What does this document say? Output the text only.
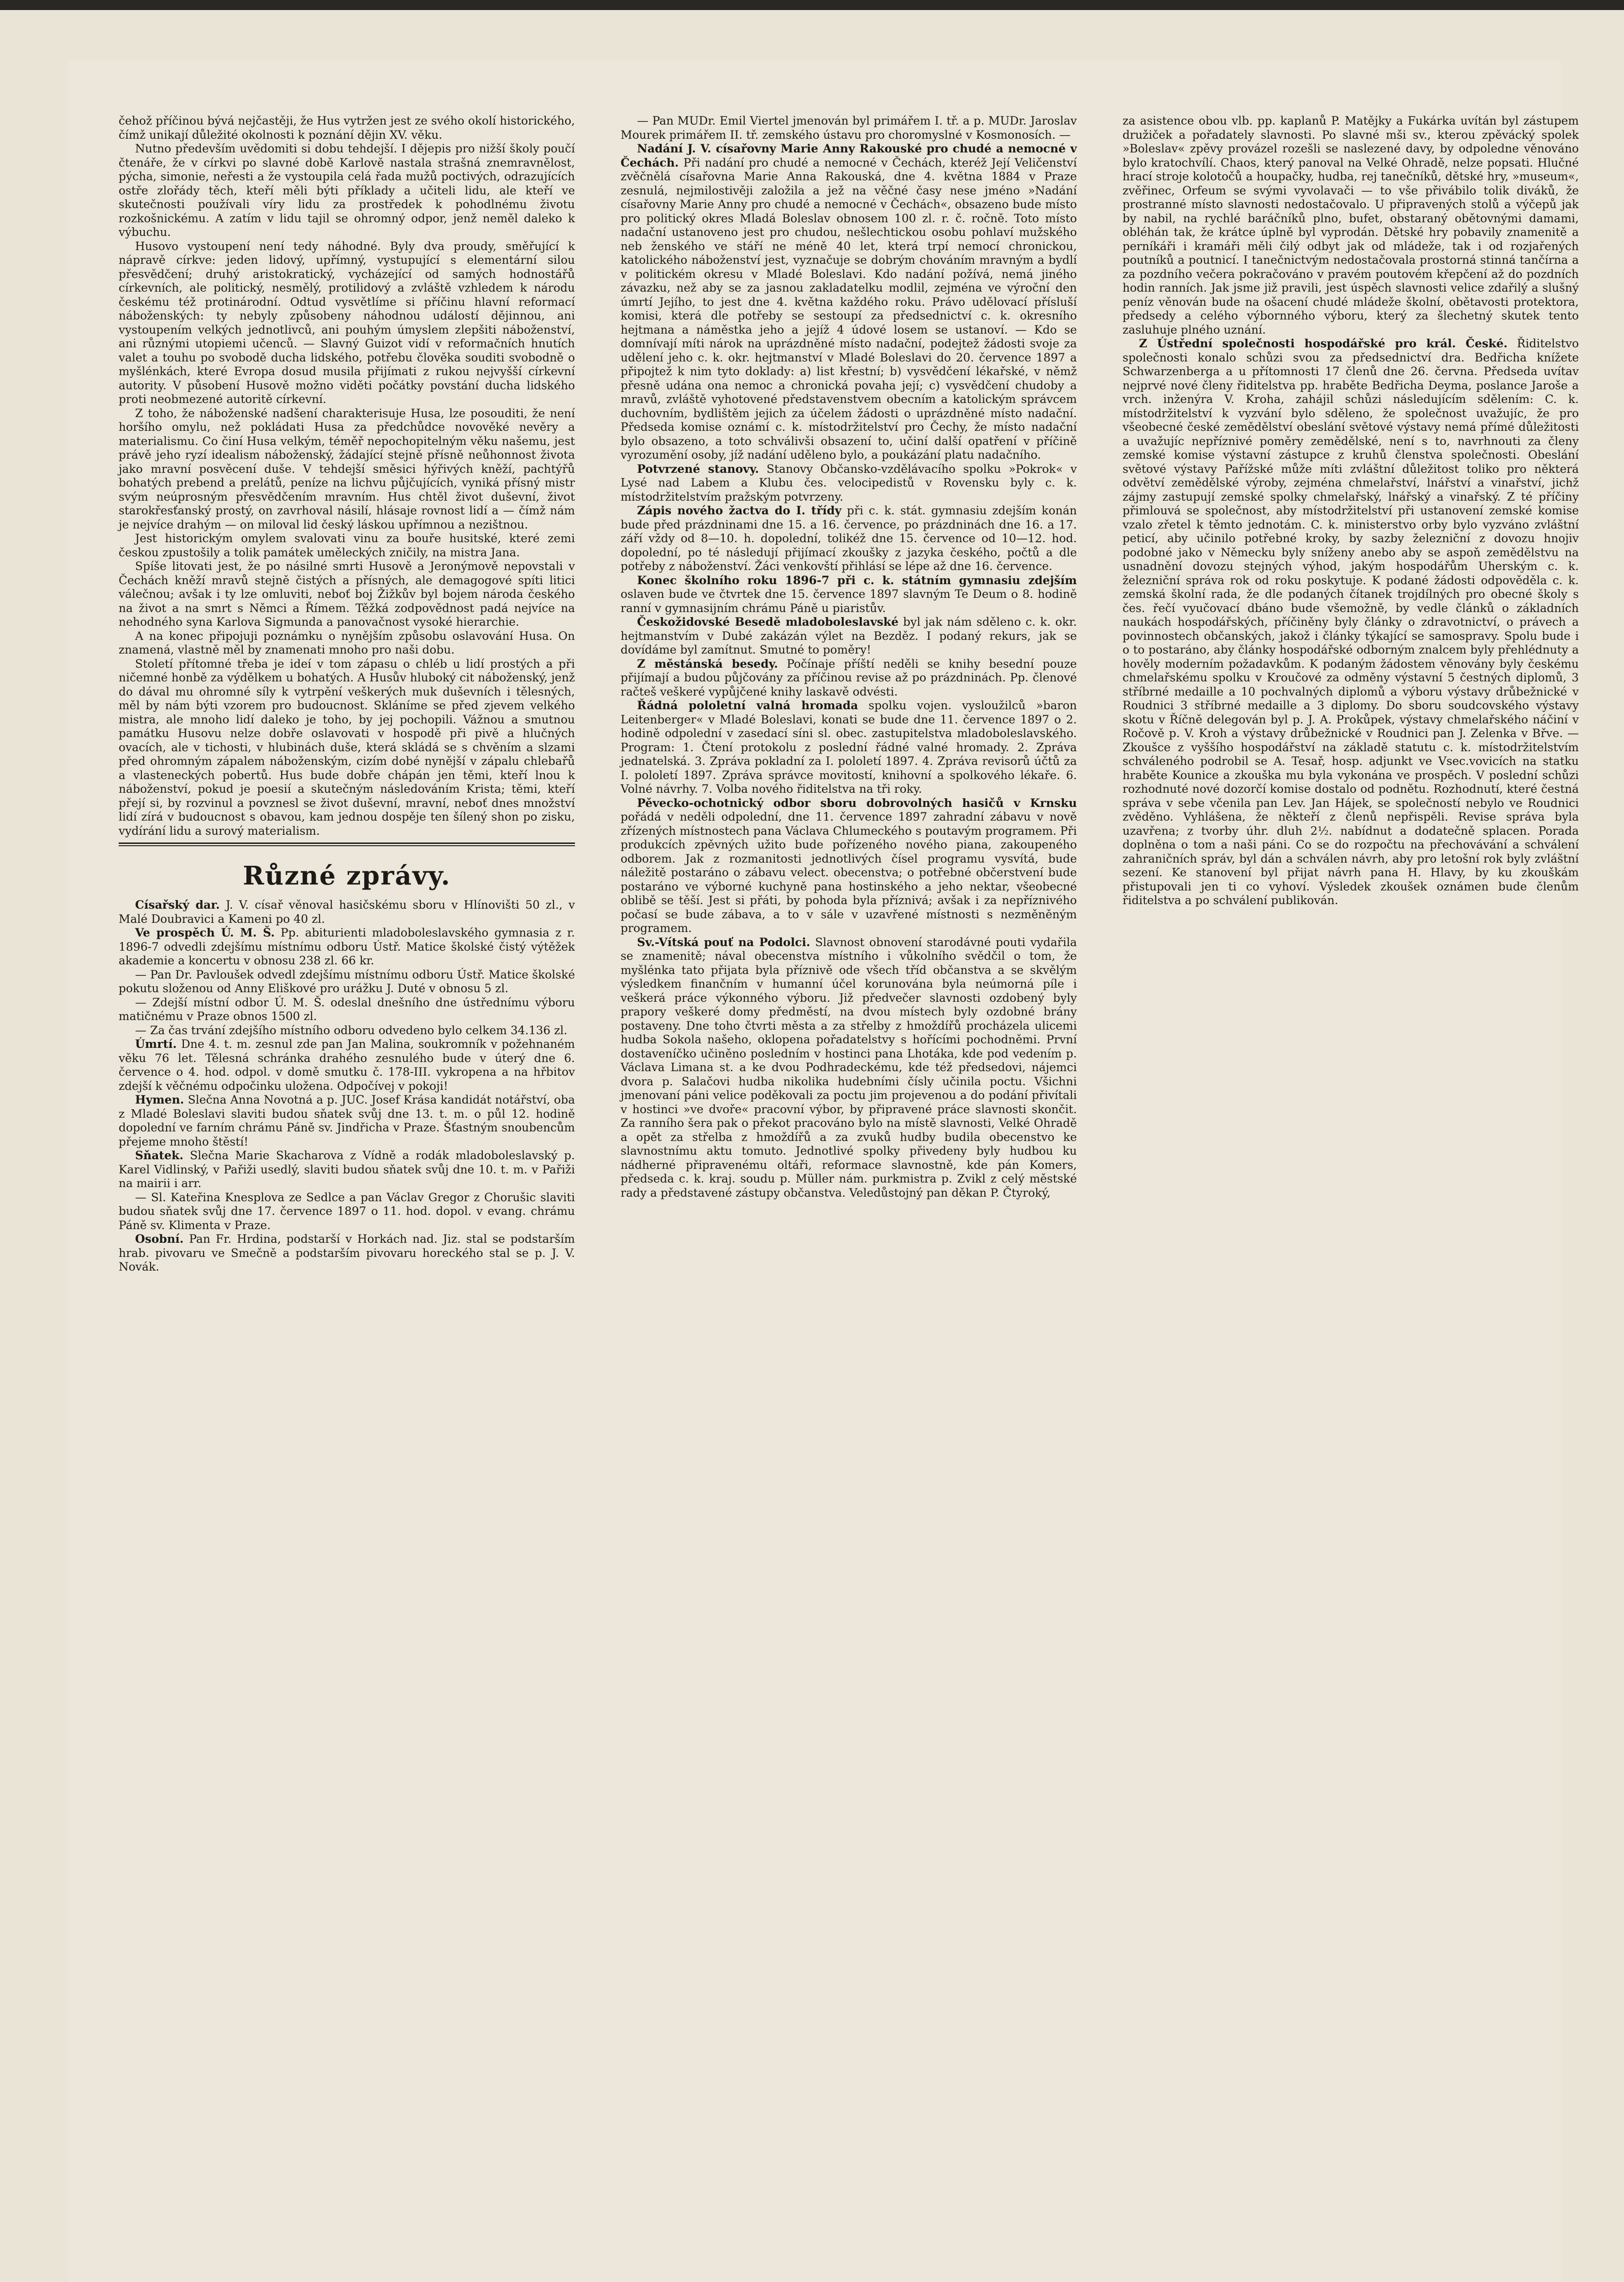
čehož příčinou bývá nejčastěji, že Hus vytržen jest ze svého okolí historického, čímž unikají důležité okolnosti k poznání dějin XV. věku.

Nutno především uvědomiti si dobu tehdejší. I dějepis pro nižší školy poučí čtenáře, že v církvi po slavné době Karlově nastala strašná znemravnělost, pýcha, simonie, neřesti a že vystoupila celá řada mužů poctivých, odrazujících ostře zlořády těch, kteří měli býti příklady a učiteli lidu, ale kteří ve skutečnosti používali víry lidu za prostředek k pohodlnému životu rozkošnickému. A zatím v lidu tajil se ohromný odpor, jenž neměl daleko k výbuchu.

Husovo vystoupení není tedy náhodné. Byly dva proudy, směřující k nápravě církve: jeden lidový, upřímný, vystupující s elementární silou přesvědčení; druhý aristokratický, vycházející od samých hodnostářů církevních, ale politický, nesmělý, protilidový a zvláště vzhledem k národu českému též protinárodní. Odtud vysvětlíme si příčinu hlavní reformací náboženských: ty nebyly způsobeny náhodnou událostí dějinnou, ani vystoupením velkých jednotlivců, ani pouhým úmyslem zlepšiti náboženství, ani různými utopiemi učenců. — Slavný Guizot vidí v reformačních hnutích valet a touhu po svobodě ducha lidského, potřebu člověka souditi svobodně o myšlénkách, které Evropa dosud musila přijímati z rukou nejvyšší církevní autority. V působení Husově možno viděti počátky povstání ducha lidského proti neobmezené autoritě církevní.

Z toho, že náboženské nadšení charakterisuje Husa, lze posouditi, že není horšího omylu, než pokládati Husa za předchůdce novověké nevěry a materialismu. Co činí Husa velkým, téměř nepochopitelným věku našemu, jest právě jeho ryzí idealism náboženský, žádající stejně přísně neůhonnost života jako mravní posvěcení duše. V tehdejší směsici hýřivých kněží, pachtýřů bohatých prebend a prelátů, peníze na lichvu půjčujících, vyniká přísný mistr svým neúprosným přesvědčením mravním. Hus chtěl život duševní, život starokřesťanský prostý, on zavrhoval násilí, hlásaje rovnost lidí a — čímž nám je nejvíce drahým — on miloval lid český láskou upřímnou a nezištnou.

Jest historickým omylem svalovati vinu za bouře husitské, které zemi českou zpustošily a tolik památek uměleckých zničily, na mistra Jana.

Spíše litovati jest, že po násilné smrti Husově a Jeronýmově nepovstali v Čechách kněží mravů stejně čistých a přísných, ale demagogové spíti litici válečnou; avšak i ty lze omluviti, neboť boj Žižkův byl bojem národa českého na život a na smrt s Němci a Římem. Těžká zodpovědnost padá nejvíce na nehodného syna Karlova Sigmunda a panovačnost vysoké hierarchie.

A na konec připojuji poznámku o nynějším způsobu oslavování Husa. On znamená, vlastně měl by znamenati mnoho pro naši dobu.

Století přítomné třeba je ideí v tom zápasu o chléb u lidí prostých a při ničemné honbě za výdělkem u bohatých. A Husův hluboký cit náboženský, jenž do dával mu ohromné síly k vytrpění veškerých muk duševních i tělesných, měl by nám býti vzorem pro budoucnost. Skláníme se před zjevem velkého mistra, ale mnoho lidí daleko je toho, by jej pochopili. Vážnou a smutnou památku Husovu nelze dobře oslavovati v hospodě při pivě a hlučných ovacích, ale v tichosti, v hlubinách duše, která skládá se s chvěním a slzami před ohromným zápalem náboženským, cizím dobé nynější v zápalu chlebařů a vlasteneckých pobertů. Hus bude dobře chápán jen těmi, kteří lnou k náboženství, pokud je poesií a skutečným následováním Krista; těmi, kteří přejí si, by rozvinul a povznesl se život duševní, mravní, neboť dnes množství lidí zírá v budoucnost s obavou, kam jednou dospěje ten šílený shon po zisku, vydírání lidu a surový materialism.

Různé zprávy.

Císařský dar. J. V. císař věnoval hasičskému sboru v Hlínovišti 50 zl., v Malé Doubravici a Kameni po 40 zl.

Ve prospěch Ú. M. Š. Pp. abiturienti mladoboleslavského gymnasia z r. 1896-7 odvedli zdejšímu místnímu odboru Ústř. Matice školské čistý výtěžek akademie a koncertu v obnosu 238 zl. 66 kr.

— Pan Dr. Pavloušek odvedl zdejšímu místnímu odboru Ústř. Matice školské pokutu složenou od Anny Eliškové pro urážku J. Duté v obnosu 5 zl.

— Zdejší místní odbor Ú. M. Š. odeslal dnešního dne ústřednímu výboru matičnému v Praze obnos 1500 zl.

— Za čas trvání zdejšího místního odboru odvedeno bylo celkem 34.136 zl.

Úmrtí. Dne 4. t. m. zesnul zde pan Jan Malina, soukromník v požehnaném věku 76 let. Tělesná schránka drahého zesnulého bude v úterý dne 6. července o 4. hod. odpol. v domě smutku č. 178-III. vykropena a na hřbitov zdejší k věčnému odpočinku uložena. Odpočívej v pokoji!

Hymen. Slečna Anna Novotná a p. JUC. Josef Krása kandidát notářství, oba z Mladé Boleslavi slaviti budou sňatek svůj dne 13. t. m. o půl 12. hodině dopolední ve farním chrámu Páně sv. Jindřicha v Praze. Šťastným snoubencům přejeme mnoho štěstí!

Sňatek. Slečna Marie Skacharova z Vídně a rodák mladoboleslavský p. Karel Vidlinský, v Pařiži usedlý, slaviti budou sňatek svůj dne 10. t. m. v Pařiži na mairii i arr.

— Sl. Kateřina Knesplova ze Sedlce a pan Václav Gregor z Chorušic slaviti budou sňatek svůj dne 17. července 1897 o 11. hod. dopol. v evang. chrámu Páně sv. Klimenta v Praze.

Osobní. Pan Fr. Hrdina, podstarší v Horkách nad. Jiz. stal se podstarším hrab. pivovaru ve Smečně a podstarším pivovaru horeckého stal se p. J. V. Novák.

— Pan MUDr. Emil Viertel jmenován byl primářem I. tř. a p. MUDr. Jaroslav Mourek primářem II. tř. zemského ústavu pro choromyslné v Kosmonosích. —

Nadání J. V. císařovny Marie Anny Rakouské pro chudé a nemocné v Čechách. Při nadání pro chudé a nemocné v Čechách, kteréž Její Veličenství zvěčnělá císařovna Marie Anna Rakouská, dne 4. května 1884 v Praze zesnulá, nejmilostivěji založila a jež na věčné časy nese jméno »Nadání císařovny Marie Anny pro chudé a nemocné v Čechách«, obsazeno bude místo pro politický okres Mladá Boleslav obnosem 100 zl. r. č. ročně. Toto místo nadační ustanoveno jest pro chudou, nešlechtickou osobu pohlaví mužského neb ženského ve stáří ne méně 40 let, která trpí nemocí chronickou, katolického náboženství jest, vyznačuje se dobrým chováním mravným a bydlí v politickém okresu v Mladé Boleslavi. Kdo nadání požívá, nemá jiného závazku, než aby se za jasnou zakladatelku modlil, zejména ve výroční den úmrtí Jejího, to jest dne 4. května každého roku. Právo udělovací přísluší komisi, která dle potřeby se sestoupí za předsednictví c. k. okresního hejtmana a náměstka jeho a jejíž 4 údové losem se ustanoví. — Kdo se domnívají míti nárok na uprázdněné místo nadační, podejtež žádosti svoje za udělení jeho c. k. okr. hejtmanství v Mladé Boleslavi do 20. července 1897 a připojtež k nim tyto doklady: a) list křestní; b) vysvědčení lékařské, v němž přesně udána ona nemoc a chronická povaha její; c) vysvědčení chudoby a mravů, zvláště vyhotovené představenstvem obecním a katolickým správcem duchovním, bydlištěm jejich za účelem žádosti o uprázdněné místo nadační. Předseda komise oznámí c. k. místodržitelství pro Čechy, že místo nadační bylo obsazeno, a toto schválivši obsazení to, učiní další opatření v příčině vyrozumění osoby, jíž nadání uděleno bylo, a poukázání platu nadačního.

Potvrzené stanovy. Stanovy Občansko-vzdělávacího spolku »Pokrok« v Lysé nad Labem a Klubu čes. velocipedistů v Rovensku byly c. k. místodržitelstvím pražským potvrzeny.

Zápis nového žactva do I. třídy při c. k. stát. gymnasiu zdejším konán bude před prázdninami dne 15. a 16. července, po prázdninách dne 16. a 17. září vždy od 8—10. h. dopolední, tolikéž dne 15. července od 10—12. hod. dopolední, po té následují přijímací zkoušky z jazyka českého, počtů a dle potřeby z náboženství. Žáci venkovští přihlásí se lépe až dne 16. července.

Konec školního roku 1896-7 při c. k. státním gymnasiu zdejším oslaven bude ve čtvrtek dne 15. července 1897 slavným Te Deum o 8. hodině ranní v gymnasijním chrámu Páně u piaristův.

Českožidovské Besedě mladoboleslavské byl jak nám sděleno c. k. okr. hejtmanstvím v Dubé zakázán výlet na Bezděz. I podaný rekurs, jak se dovídáme byl zamítnut. Smutné to poměry!

Z městánská besedy. Počínaje příští neděli se knihy besední pouze přijímají a budou půjčovány za příčinou revise až po prázdninách. Pp. členové račteš veškeré vypůjčené knihy laskavě odvésti.

Řádná pololetní valná hromada spolku vojen. vysloužilců »baron Leitenberger« v Mladé Boleslavi, konati se bude dne 11. července 1897 o 2. hodině odpolední v zasedací síni sl. obec. zastupitelstva mladoboleslavského. Program: 1. Čtení protokolu z poslední řádné valné hromady. 2. Zpráva jednatelská. 3. Zpráva pokladní za I. pololetí 1897. 4. Zpráva revisorů účtů za I. pololetí 1897. Zpráva správce movitostí, knihovní a spolkového lékaře. 6. Volné návrhy. 7. Volba nového řiditelstva na tři roky.

Pěvecko-ochotnický odbor sboru dobrovolných hasičů v Krnsku pořádá v neděli odpolední, dne 11. července 1897 zahradní zábavu v nově zřízených místnostech pana Václava Chlumeckého s poutavým programem. Při produkcích zpěvných užito bude pořízeného nového piana, zakoupeného odborem. Jak z rozmanitosti jednotlivých čísel programu vysvítá, bude náležitě postaráno o zábavu velect. obecenstva; o potřebné občerstvení bude postaráno ve výborné kuchyně pana hostinského a jeho nektar, všeobecné oblibě se těší. Jest si přáti, by pohoda byla příznivá; avšak i za nepříznivého počasí se bude zábava, a to v sále v uzavřené místnosti s nezměněným programem.

Sv.-Vítská pouť na Podolci. Slavnost obnovení starodávné pouti vydařila se znamenitě; nával obecenstva místního i vůkolního svědčil o tom, že myšlénka tato přijata byla příznivě ode všech tříd občanstva a se skvělým výsledkem finančním v humanní účel korunována byla neúmorná píle i veškerá práce výkonného výboru. Již předvečer slavnosti ozdobený byly prapory veškeré domy předměstí, na dvou místech byly ozdobné brány postaveny. Dne toho čtvrti města a za střelby z hmoždířů procházela ulicemi hudba Sokola našeho, oklopena pořadatelstvy s hořícími pochodněmi. První dostaveníčko učiněno posledním v hostinci pana Lhotáka, kde pod vedením p. Václava Limana st. a ke dvou Podhradeckému, kde též předsedovi, nájemci dvora p. Salačovi hudba nikolika hudebními čísly učinila poctu. Všichni jmenovaní páni velice poděkovali za poctu jim projevenou a do podání přivítali v hostinci »ve dvoře« pracovní výbor, by připravené práce slavnosti skončit. Za ranního šera pak o překot pracováno bylo na místě slavnosti, Velké Ohradě a opět za střelba z hmoždířů a za zvuků hudby budila obecenstvo ke slavnostnímu aktu tomuto. Jednotlivé spolky přivedeny byly hudbou ku nádherné připravenému oltáři, reformace slavnostně, kde pán Komers, předseda c. k. kraj. soudu p. Müller nám. purkmistra p. Zvikl z celý městské rady a představené zástupy občanstva. Veledůstojný pan děkan P. Čtyroký,

za asistence obou vlb. pp. kaplanů P. Matějky a Fukárka uvítán byl zástupem družiček a pořadately slavnosti. Po slavné mši sv., kterou zpěvácký spolek »Boleslav« zpěvy provázel rozešli se naslezené davy, by odpoledne věnováno bylo kratochvílí. Chaos, který panoval na Velké Ohradě, nelze popsati. Hlučné hrací stroje kolotočů a houpačky, hudba, rej tanečníků, dětské hry, »museum«, zvěřinec, Orfeum se svými vyvolavači — to vše přivábilo tolik diváků, že prostranné místo slavnosti nedostačovalo. U připravených stolů a výčepů jak by nabil, na rychlé baráčníků plno, bufet, obstaraný obětovnými damami, obléhán tak, že krátce úplně byl vyprodán. Dětské hry pobavily znamenitě a perníkáři i kramáři měli čilý odbyt jak od mládeže, tak i od rozjařených poutníků a poutnicí. I tanečnictvým nedostačovala prostorná stinná tančírna a za pozdního večera pokračováno v pravém poutovém křepčení až do pozdních hodin ranních. Jak jsme již pravili, jest úspěch slavnosti velice zdařilý a slušný peníz věnován bude na ošacení chudé mládeže školní, obětavosti protektora, předsedy a celého výbornného výboru, který za šlechetný skutek tento zasluhuje plného uznání.

Z Ústřední společnosti hospodářské pro král. České. Řiditelstvo společnosti konalo schůzi svou za předsednictví dra. Bedřicha knížete Schwarzenberga a u přítomnosti 17 členů dne 26. června. Předseda uvítav nejprvé nové členy řiditelstva pp. hraběte Bedřicha Deyma, poslance Jaroše a vrch. inženýra V. Kroha, zahájil schůzi následujícím sdělením: C. k. místodržitelství k vyzvání bylo sděleno, že společnost uvažujíc, že pro všeobecné české zemědělství obeslání světové výstavy nemá přímé důležitosti a uvažujíc nepříznivé poměry zemědělské, není s to, navrhnouti za členy zemské komise výstavní zástupce z kruhů členstva společnosti. Obeslání světové výstavy Pařížské může míti zvláštní důležitost toliko pro některá odvětví zemědělské výroby, zejména chmelařství, lnářství a vinařství, jichž zájmy zastupují zemské spolky chmelařský, lnářský a vinařský. Z té příčiny přimlouvá se společnost, aby místodržitelství při ustanovení zemské komise vzalo zřetel k těmto jednotám. C. k. ministerstvo orby bylo vyzváno zvláštní peticí, aby učinilo potřebné kroky, by sazby železniční z dovozu hnojiv podobné jako v Německu byly sníženy anebo aby se aspoň zemědělstvu na usnadnění dovozu stejných výhod, jakým hospodářům Uherským c. k. železniční správa rok od roku poskytuje. K podané žádosti odpověděla c. k. zemská školní rada, že dle podaných čítanek trojdílných pro obecné školy s čes. řečí vyučovací dbáno bude všemožně, by vedle článků o základních naukách hospodářských, příčiněny byly články o zdravotnictví, o právech a povinnostech občanských, jakož i články týkající se samospravy. Spolu bude i o to postaráno, aby články hospodářské odborným znalcem byly přehlédnuty a hověly moderním požadavkům. K podaným žádostem věnovány byly českému chmelařskému spolku v Kroučové za odměny výstavní 5 čestných diplomů, 3 stříbrné medaille a 10 pochvalných diplomů a výboru výstavy drůbežnické v Roudnici 3 stříbrné medaille a 3 diplomy. Do sboru soudcovského výstavy skotu v Říčně delegován byl p. J. A. Prokůpek, výstavy chmelařského náčiní v Ročově p. V. Kroh a výstavy drůbežnické v Roudnici pan J. Zelenka v Břve. — Zkoušce z vyššího hospodářství na základě statutu c. k. místodržitelstvím schváleného podrobil se A. Tesař, hosp. adjunkt ve Vsec.vovicích na statku hraběte Kounice a zkouška mu byla vykonána ve prospěch. V poslední schůzi rozhodnuté nové dozorčí komise dostalo od podnětu. Rozhodnutí, které čestná správa v sebe včenila pan Lev. Jan Hájek, se společností nebylo ve Roudnici zvěděno. Vyhlášena, že někteří z členů nepřispěli. Revise správa byla uzavřena; z tvorby úhr. dluh 2½. nabídnut a dodatečně splacen. Porada doplněna o tom a naši páni. Co se do rozpočtu na přechovávání a schválení zahraničních správ, byl dán a schválen návrh, aby pro letošní rok byly zvláštní sezení. Ke stanovení byl přijat návrh pana H. Hlavy, by ku zkouškám přistupovali jen ti co vyhoví. Výsledek zkoušek oznámen bude členům řiditelstva a po schválení publikován.
